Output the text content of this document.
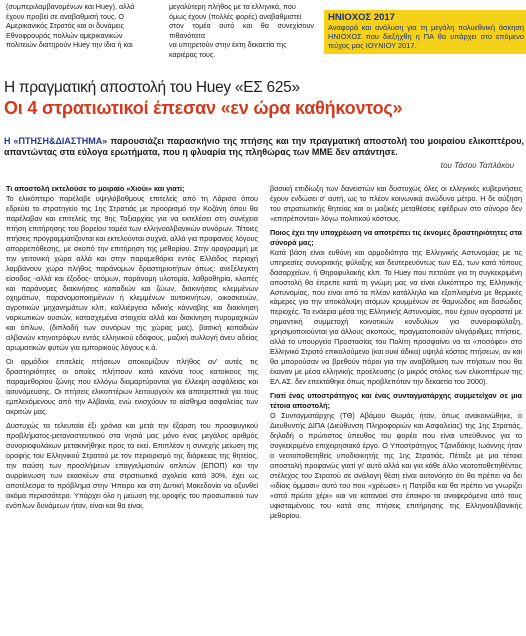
(συμπεριλαμβανομένων και Huey), αλλά

έχουν προβεί σε αναβαθμισή τους. Ο

Αμερικανικός Στρατός και οι δυνάμεις

Εθνοφρουράς πολλών αμερικανικών

πολιτειών διατηρούν Huey την ίδια ή και

μεγαλύτερη πλήθος με τα ελληνικά, που

όμως έχουν (πολλές φορές) αναβαθμιστεί

στον τομέα αυτό και θα συνεχίσουν πιθανότατα

να υπηρετούν στην έκτη δεκαετία της

καριέρας τους.

ΗΝΙΟΧΟΣ 2017
Αναφορά και ανάλυση για τη μεγάλη πολυεθνική άσκηση ΗΝΙΟΧΟΣ που διεξήχθη η ΠΑ θα υπάρχει στο επόμενο τεύχος μας ΙΟΥΝΙΟΥ 2017.
Η πραγματική αποστολή του Huey «ΕΣ 625»
Οι 4 στρατιωτικοί έπεσαν «εν ώρα καθήκοντος»
Η «ΠΤΗΣΗ&ΔΙΑΣΤΗΜΑ» παρουσιάζει παρασκήνιο της πτήσης και την πραγματική αποστολή του μοιραίου ελικοπτέρου, απαντώντας στα εύλογα ερωτήματα, που η φλυαρία της πληθώρας των ΜΜΕ δεν απάντησε.
του Τάσου Ταπλάκου

Τι αποστολή εκτελούσε το μοιραίο «Χιούι» και γιατί;

Το ελικόπτερο παρέλαβε υψηλόβαθμους επιτελείς από τη Λάρισα όπου εδρεύει το στρατηγείο της 1ης Στρατιάς με προορισμό την Κοζάνη όπου θα παρέλαβαν και επιτελείς της 9ης Ταξιαρχίας για να εκτελέσει στη συνέχεια πτήση επιτήρησης του βορείου τομέα των ελληνοαλβανικών συνόρων. Τέτοιες πτήσεις προγραμματίζονται και εκτελούνται συχνά, αλλά για προφανείς λόγους απορρεπόθεσης, με σκοπό την επιτήρηση της μεθορίου. Στην ορογραμμή με την γειτονική χώρα αλλά και στην παραμεθόρια εντός Ελλάδος περιοχή λαμβάνουν χώρα πλήθος παράνομων δραστηριοτήτων όπως: ανεξέλεγκτη είσοδος -αλλά και έξοδος- ατόμων, παράνομη υλοτομία, λαθροθηρία, κλοπές και παράνομες διακινήσεις κοπαδιών και ζώων, διακινήσεις κλεμμένων οχημάτων, παρανομοποιημένων ή κλεμμένων αυτοκινήτων, οικοσκευών, αγροτικών μηχανημάτων κλπ, καλλιέργεια ινδικής κάνναβης και διακίνηση ναρκωτικών ουσιών, κατασχεμένα στοιχεία αλλά και διακίνηση πυρομαχικών και όπλων, (διπλαδή των συνόρων της χώρας μας), βασική κοπαδιών αλβανών κτηνοτρόφων εντός ελληνικού εδάφους, μαζική συλλογή άνευ αδείας αρωματικών φυτών για εμπορικούς λόγους κ.ά.

Οι αρμόδιοι επιτελείς πτήσεων αποκομίζουν πλήθος αν' αυτές τις δραστηριότητες οι οποίες πλήττουν κατά κανόνα τους κατοίκους της παραμεθορίου ζώνης που ελλόγω διαμαρτύρονται για έλλειψη ασφάλειας και ασυνόμευσης. Οι πτήσεις ελικοπτέρων λειτουργούν και αποτρεπτικά για τους εμπλεκόμενους από την Αλβανία, ενώ ενισχύουν το αίσθημα ασφαλείας των ακριτών μας.

Δυστυχώς τα τελευταία έξι χρόνια και μετά την έξαρση του προσφυγικού προβλήματος-μεταναστευτικού στα νησιά μας μόνο ένας μεγάλος αριθμός συνοριοφυλάκων μετακινήθηκε προς τα εκεί. Επιπλέον η συνεχής μείωση της οροφής του Ελληνικού Στρατού με τον περιορισμό της διάρκειας της θητείας, την παύση των προσλήψεων επαγγελματιών οπλιτών (ΕΠΟΠ) και την αυρρίκνωση των εκασκέων στα στρατιωτικά σχολεία κατά 30%, έχει ως αποτέλεσμα το πρόβλημα στην Ήπειρο και στη Δυτική Μακεδονία να οξυνθεί ακόμα περισσότερο. Υπάρχει όλο η μείωση της οροφής του προσωπικού των ενόπλων δυνάμεων ήταν, είναι και θα είναι,

βασική επιδίωξη των δανειστών και δυστυχώς όλες οι ελληνικές κυβερνήσεις έχουν ενδώσει σ' αυτή, ως το πλέον κοινωνικά ανώδυνο μέτρο. Η δε αύξηση του στρατιωτικής θητείας και οι μαζικές μεταθέσεις εφέδρων στο σύνορο δεν «επιτρέπονται» λόγω πολιτικού κόστους.

Ποιος έχει την υποχρέωση να αποτρέπει τις έκνομες δραστηριότητες στα σύνορά μας;

Κατά βάση είναι ευθύνη και αρμοδιότητα της Ελληνικής Αστυνομίας με τις υπηρεσίες συνοριακής φύλαξης και δευτερευόντως των ΕΔ, των κατά τόπους δασαρχείων, ή Θηροφυλακής κλπ. Το Huey που πετούσε για τη συγκεκριμένη αποστολή θα έπρεπε κατά τη γνώμη μας να είναι ελικόπτερο της Ελληνικής Αστυνομίας, που είναι από τα πλέον κατάλληλα και εξοπλισμένα με θερμικές κάμερες για την αποκάλυψη ατόμων κρυμμένων σε θαμνώδεις και δασώδεις περιοχές. Τα ενάερια μέσα της Ελληνικής Αστυνομίας, που έχουν αγοραστεί με σημαντική συμμετοχή κοινοτικών κονδυλίων για συνοριοφύλαξη, χρησιμοποιούνται για άλλους σκοπούς, πραγματοποιούν ολιγάριθμες πτήσεις, αλλά το υπουργείο Προστασίας του Πολίτη προσφαίνει να τα «ποσόφει» στο Ελληνικό Στρατό επικαλούμενο (και ουκί άδικα) υψηλό κόστος πτήσεων, αν και θα μπορούσαν να βρεθούν πόροι για την αναβάθμιση των πτήσεων που θα έκαναν με μέσα ελληνικής προέλευσης (ο μικρός στόλος των ελικοπτέρων της ΕΛ.ΑΣ. δεν επεκτάθηκε όπως προβλεπόταν την δεκαετία του 2000).

Γιατί ένας υποστράτηγος και ένας συνταγματάρχης συμμετείχαν σε μια τέτοια αποστολή;

Ο Συνταγματάρχης (ΤΘ) Αβάμου Θωμάς ήταν, όπως ανακοινώθηκε, ο Διευθυντής ΔΙΠΑ (Διεύθυνση Πληροφοριών και Ασφαλείας) της 1ης Στρατιάς, δηλαδή ο πρώτιστος ύπευθος του φορέα που είναι υπεύθυνος για το συγκεκριμένο επιχειρησιακό έργο. Ο Υποστράτηγος Τζανιδάκης Ιωάννης ήταν ο νεοτοποθετηθείς υποδιοικητής της 1ης Στρατιάς. Πέταξε με μια τέτοια αποστολή προφανώς γιατί γι' αυτό αλλά και για κάθε άλλο νεοτοποθετηθέντος στέλεχος του Στρατού σε ανάλογη θέση είναι αυτονόητο ότι θα πρέπει να δει «ιδίοις όμμασι» αυτό του που «χρέωσε» η Πατρίδα και θα πρέπει να γνωρίζει «από πρώτο χέρι» και να κατανοεί στο έπακρο τα αναφερόμενα από τους υφισταμένους του κατά στις πτήσεις επιτήρησης της Ελληνοαλβανικής μεθορίου.
